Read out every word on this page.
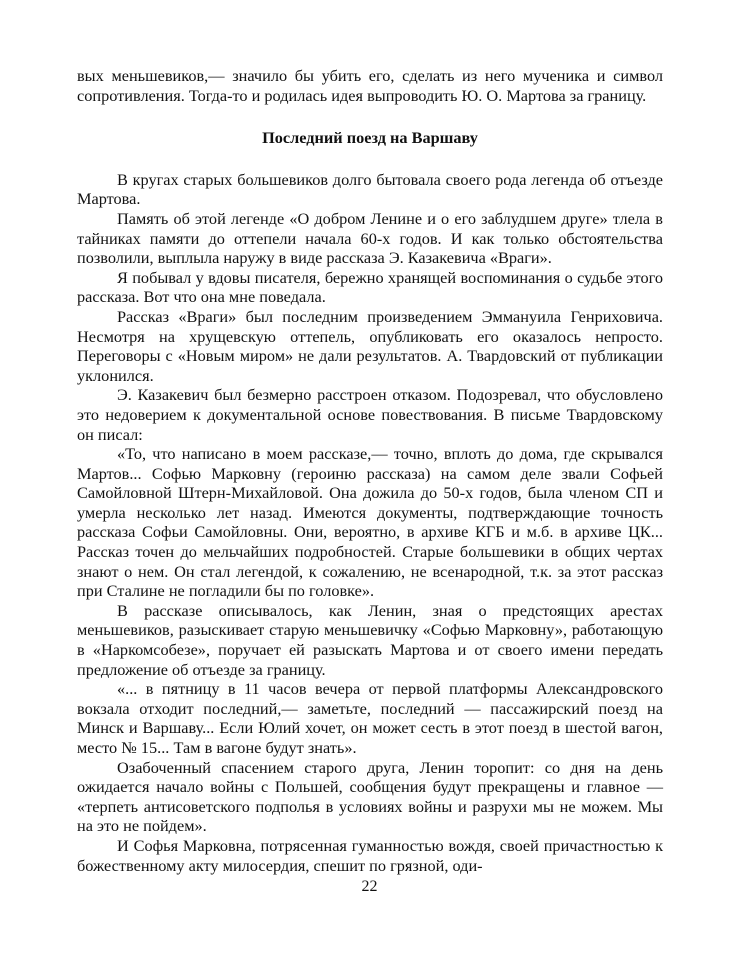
вых меньшевиков,— значило бы убить его, сделать из него мученика и символ сопротивления. Тогда-то и родилась идея выпроводить Ю. О. Мартова за границу.

Последний поезд на Варшаву

В кругах старых большевиков долго бытовала своего рода легенда об отъезде Мартова.

Память об этой легенде «О добром Ленине и о его заблудшем друге» тлела в тайниках памяти до оттепели начала 60-х годов. И как только обстоятельства позволили, выплыла наружу в виде рассказа Э. Казакевича «Враги».

Я побывал у вдовы писателя, бережно хранящей воспоминания о судьбе этого рассказа. Вот что она мне поведала.

Рассказ «Враги» был последним произведением Эммануила Генриховича. Несмотря на хрущевскую оттепель, опубликовать его оказалось непросто. Переговоры с «Новым миром» не дали результатов. А. Твардовский от публикации уклонился.

Э. Казакевич был безмерно расстроен отказом. Подозревал, что обусловлено это недоверием к документальной основе повествования. В письме Твардовскому он писал:

«То, что написано в моем рассказе,— точно, вплоть до дома, где скрывался Мартов... Софью Марковну (героиню рассказа) на самом деле звали Софьей Самойловной Штерн-Михайловой. Она дожила до 50-х годов, была членом СП и умерла несколько лет назад. Имеются документы, подтверждающие точность рассказа Софьи Самойловны. Они, вероятно, в архиве КГБ и м.б. в архиве ЦК... Рассказ точен до мельчайших подробностей. Старые большевики в общих чертах знают о нем. Он стал легендой, к сожалению, не всенародной, т.к. за этот рассказ при Сталине не погладили бы по головке».

В рассказе описывалось, как Ленин, зная о предстоящих арестах меньшевиков, разыскивает старую меньшевичку «Софью Марковну», работающую в «Наркомсобезе», поручает ей разыскать Мартова и от своего имени передать предложение об отъезде за границу.

«... в пятницу в 11 часов вечера от первой платформы Александровского вокзала отходит последний,— заметьте, последний — пассажирский поезд на Минск и Варшаву... Если Юлий хочет, он может сесть в этот поезд в шестой вагон, место № 15... Там в вагоне будут знать».

Озабоченный спасением старого друга, Ленин торопит: со дня на день ожидается начало войны с Польшей, сообщения будут прекращены и главное — «терпеть антисоветского подполья в условиях войны и разрухи мы не можем. Мы на это не пойдем».

И Софья Марковна, потрясенная гуманностью вождя, своей причастностью к божественному акту милосердия, спешит по грязной, оди-

22
